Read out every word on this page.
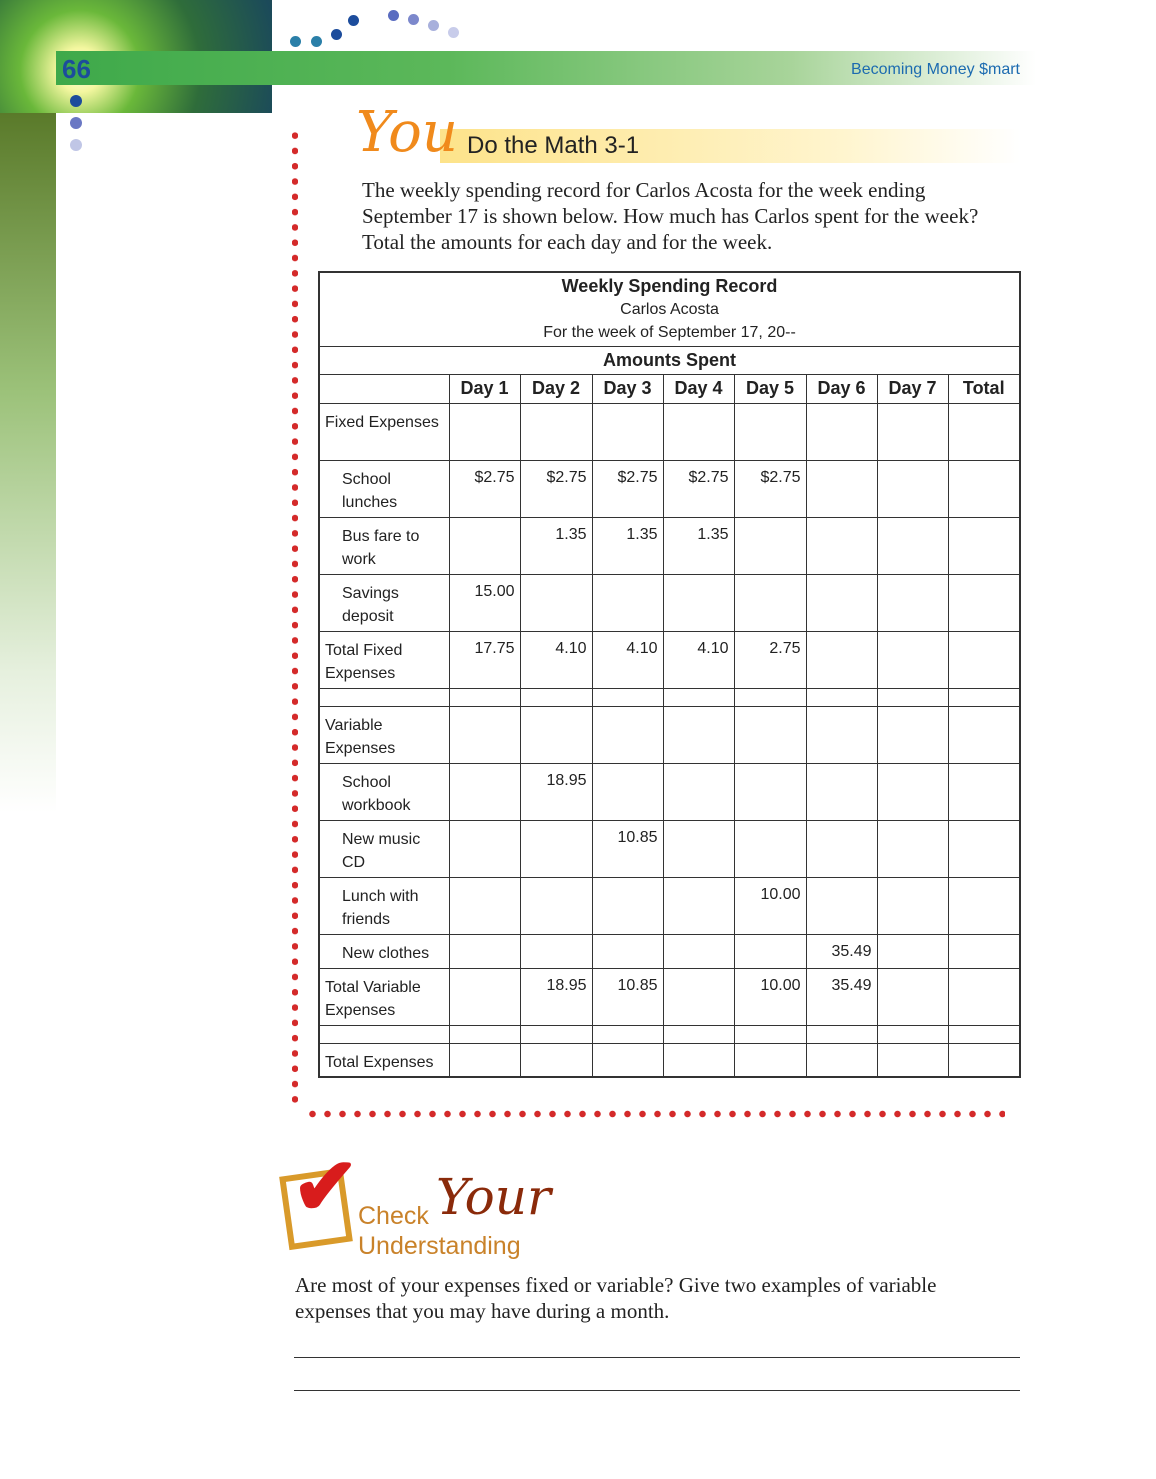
66	Becoming Money $mart
You Do the Math 3-1
The weekly spending record for Carlos Acosta for the week ending September 17 is shown below. How much has Carlos spent for the week? Total the amounts for each day and for the week.
Weekly Spending Record
Carlos Acosta
For the week of September 17, 20--								

Amounts Spent								
	Day 1	Day 2	Day 3	Day 4	Day 5	Day 6	Day 7	Total
Fixed Expenses								
School lunches	$2.75	$2.75	$2.75	$2.75	$2.75			
Bus fare to work		1.35	1.35	1.35				
Savings deposit	15.00							
Total Fixed Expenses	17.75	4.10	4.10	4.10	2.75			

Variable Expenses								
School workbook		18.95						
New music CD			10.85					
Lunch with friends					10.00			
New clothes						35.49		
Total Variable Expenses		18.95	10.85		10.00	35.49		

Total Expenses								
✔
Check Your
Understanding
Are most of your expenses fixed or variable? Give two examples of variable expenses that you may have during a month.
